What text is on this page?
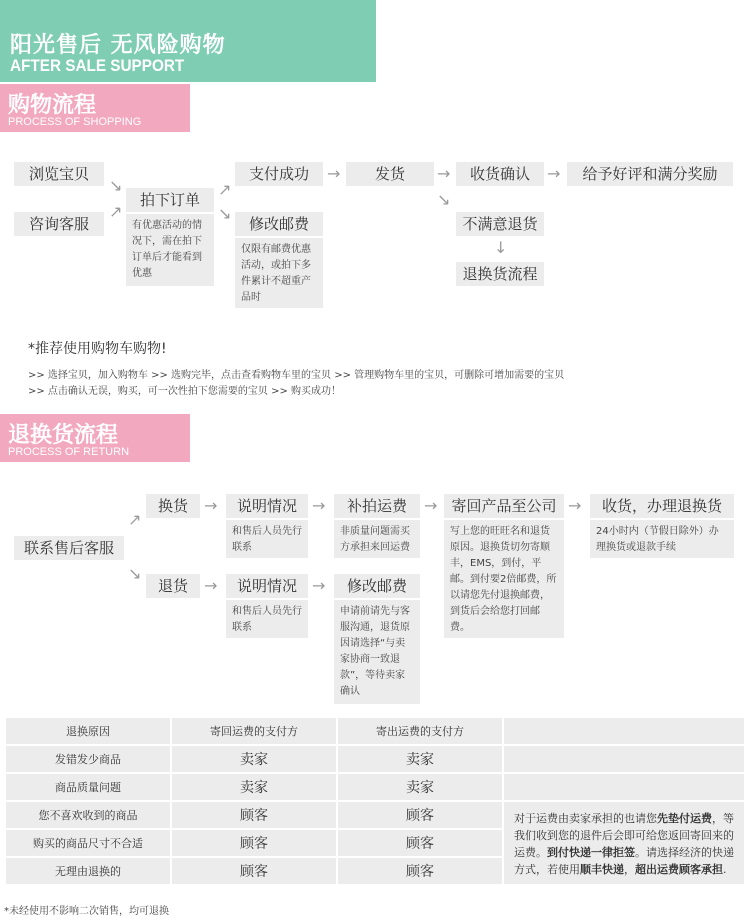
阳光售后 无风险购物
AFTER SALE SUPPORT
购物流程
PROCESS OF SHOPPING
浏览宝贝
咨询客服
↘
↗
拍下订单
有优惠活动的情况下，需在拍下订单后才能看到优惠
↗
↘
支付成功
修改邮费
仅限有邮费优惠活动，或拍下多件累计不超重产品时
→	发货	→	收货确认	→	给予好评和满分奖励
↘
不满意退货
↓
退换货流程
*推荐使用购物车购物!
>> 选择宝贝，加入购物车 >> 选购完毕，点击查看购物车里的宝贝 >> 管理购物车里的宝贝，可删除可增加需要的宝贝
>> 点击确认无误，购买，可一次性拍下您需要的宝贝 >> 购买成功！
退换货流程
PROCESS OF RETURN
联系售后客服
↗
↘
换货	→	说明情况
和售后人员先行联系
→	补拍运费
非质量问题需买方承担来回运费
→ 寄回产品至公司
写上您的旺旺名和退货原因。退换货切勿寄顺丰，EMS，到付，平邮。到付要2倍邮费，所以请您先付退换邮费，到货后会给您打回邮费。
→	收货，办理退换货
24小时内（节假日除外）办理换货或退款手续
退货	→	说明情况
和售后人员先行联系
→	修改邮费
申请前请先与客服沟通，退货原因请选择“与卖家协商一致退款”，等待卖家确认
退换原因	寄回运费的支付方	寄出运费的支付方	
发错发少商品	卖家	卖家	
商品质量问题	卖家	卖家	
您不喜欢收到的商品	顾客	顾客	对于运费由卖家承担的也请您先垫付运费，等我们收到您的退件后会即可给您返回寄回来的运费。到付快递一律拒签。请选择经济的快递方式，若使用顺丰快递，超出运费顾客承担.
购买的商品尺寸不合适	顾客	顾客	
无理由退换的	顾客	顾客	
*未经使用不影响二次销售，均可退换
